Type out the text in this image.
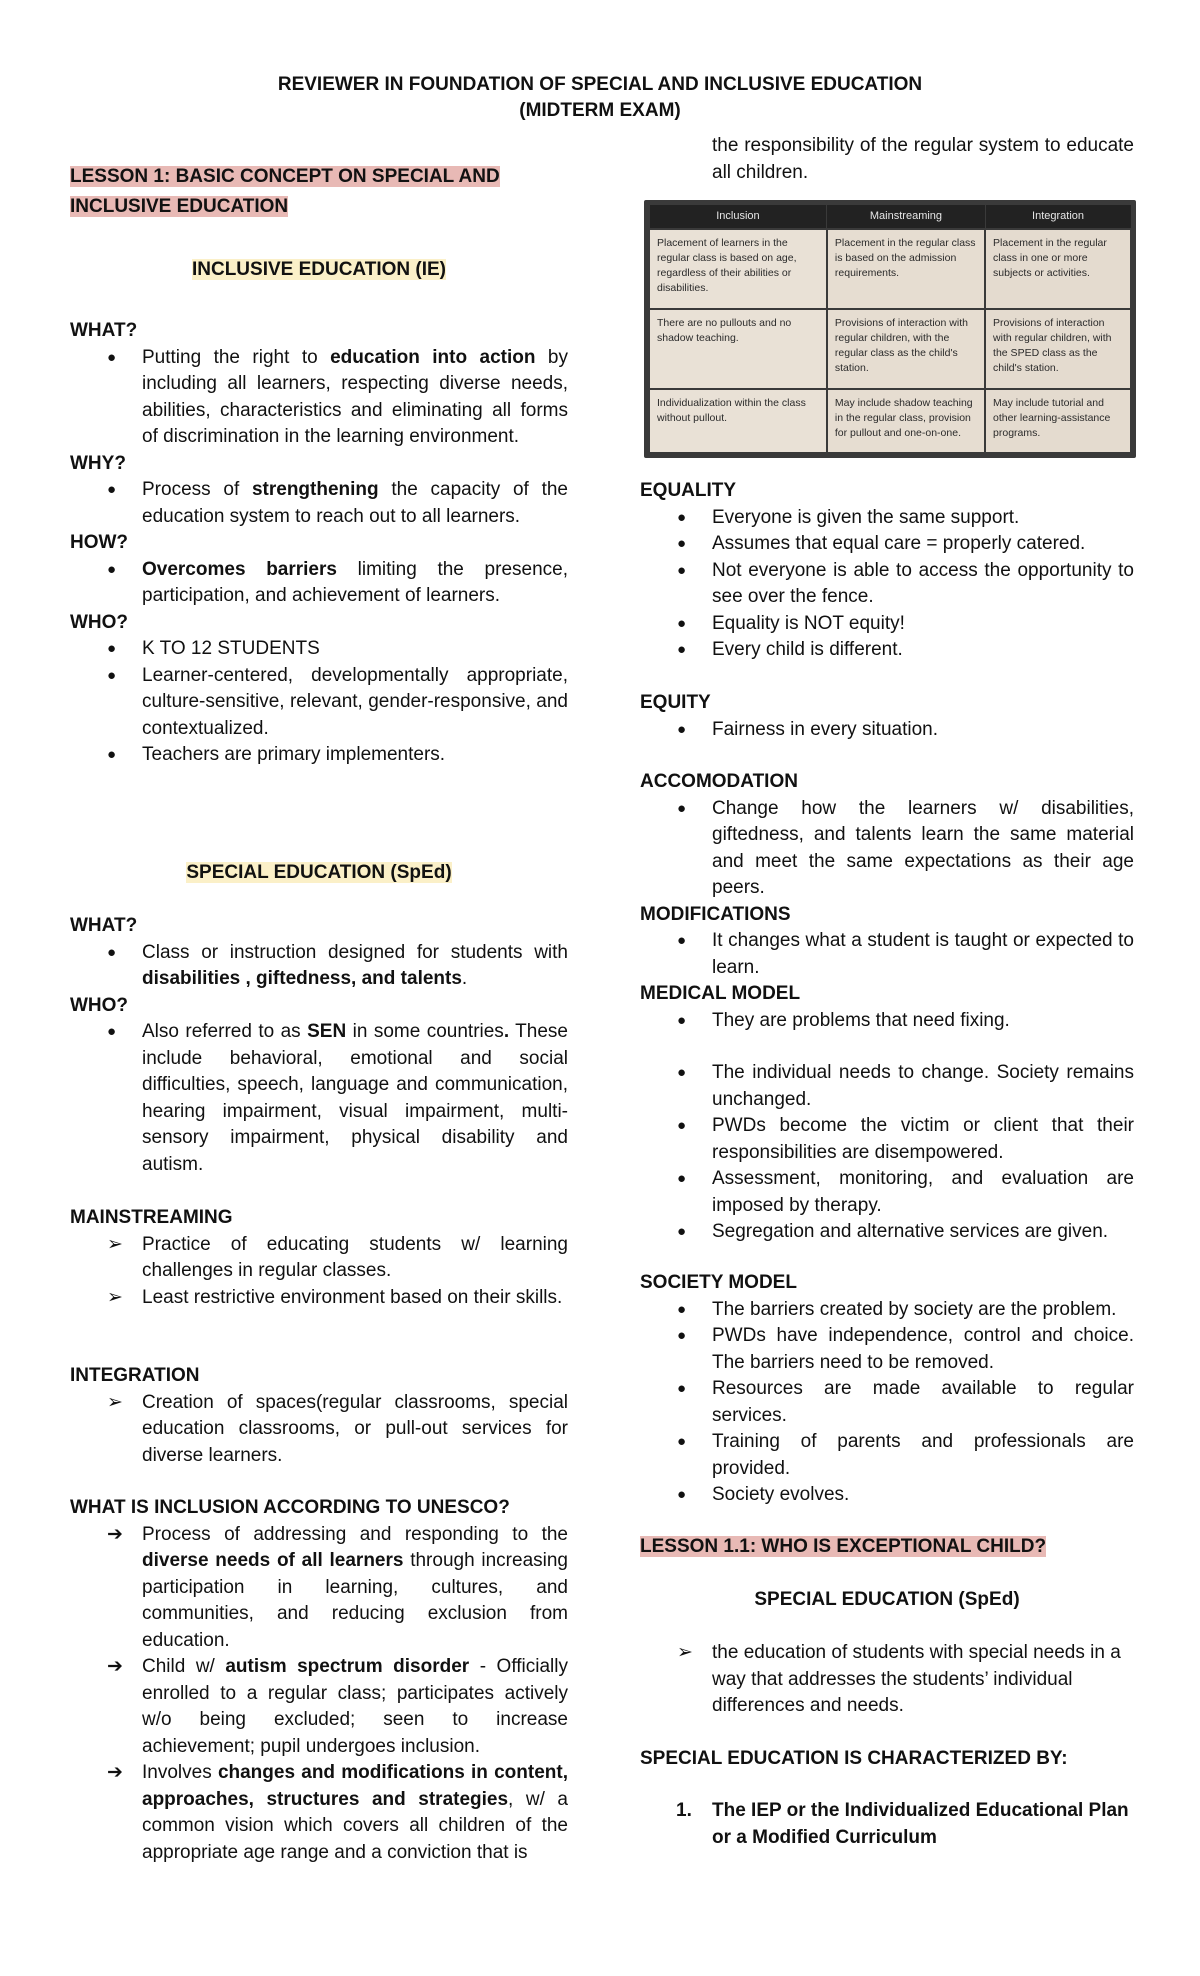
REVIEWER IN FOUNDATION OF SPECIAL AND INCLUSIVE EDUCATION
(MIDTERM EXAM)
LESSON 1: BASIC CONCEPT ON SPECIAL AND INCLUSIVE EDUCATION
INCLUSIVE EDUCATION (IE)
WHAT?
●	Putting the right to education into action by including all learners, respecting diverse needs, abilities, characteristics and eliminating all forms of discrimination in the learning environment.
WHY?
●	Process of strengthening the capacity of the education system to reach out to all learners.
HOW?
●	Overcomes barriers limiting the presence, participation, and achievement of learners.
WHO?
●	K TO 12 STUDENTS
●	Learner-centered, developmentally appropriate, culture-sensitive, relevant, gender-responsive, and contextualized.
●	Teachers are primary implementers.
SPECIAL EDUCATION (SpEd)
WHAT?
●	Class or instruction designed for students with disabilities , giftedness, and talents.
WHO?
●	Also referred to as SEN in some countries. These include behavioral, emotional and social difficulties, speech, language and communication, hearing impairment, visual impairment, multi-sensory impairment, physical disability and autism.
MAINSTREAMING
➢	Practice of educating students w/ learning challenges in regular classes.
➢	Least restrictive environment based on their skills.
INTEGRATION
➢	Creation of spaces(regular classrooms, special education classrooms, or pull-out services for diverse learners.
WHAT IS INCLUSION ACCORDING TO UNESCO?
➔	Process of addressing and responding to the diverse needs of all learners through increasing participation in learning, cultures, and communities, and reducing exclusion from education.
➔	Child w/ autism spectrum disorder - Officially enrolled to a regular class; participates actively w/o being excluded; seen to increase achievement; pupil undergoes inclusion.
➔	Involves changes and modifications in content, approaches, structures and strategies, w/ a common vision which covers all children of the appropriate age range and a conviction that is
the responsibility of the regular system to educate all children.
Inclusion	Mainstreaming	Integration
Placement of learners in the regular class is based on age, regardless of their abilities or disabilities.	Placement in the regular class is based on the admission requirements.	Placement in the regular class in one or more subjects or activities.
There are no pullouts and no shadow teaching.	Provisions of interaction with regular children, with the regular class as the child's station.	Provisions of interaction with regular children, with the SPED class as the child's station.
Individualization within the class without pullout.	May include shadow teaching in the regular class, provision for pullout and one-on-one.	May include tutorial and other learning-assistance programs.
EQUALITY
●	Everyone is given the same support.
●	Assumes that equal care = properly catered.
●	Not everyone is able to access the opportunity to see over the fence.
●	Equality is NOT equity!
●	Every child is different.
EQUITY
●	Fairness in every situation.
ACCOMODATION
●	Change how the learners w/ disabilities, giftedness, and talents learn the same material and meet the same expectations as their age peers.
MODIFICATIONS
●	It changes what a student is taught or expected to learn.
MEDICAL MODEL
●	They are problems that need fixing.
●	The individual needs to change. Society remains unchanged.
●	PWDs become the victim or client that their responsibilities are disempowered.
●	Assessment, monitoring, and evaluation are imposed by therapy.
●	Segregation and alternative services are given.
SOCIETY MODEL
●	The barriers created by society are the problem.
●	PWDs have independence, control and choice. The barriers need to be removed.
●	Resources are made available to regular services.
●	Training of parents and professionals are provided.
●	Society evolves.
LESSON 1.1: WHO IS EXCEPTIONAL CHILD?
SPECIAL EDUCATION (SpEd)
➢	the education of students with special needs in a way that addresses the students’ individual differences and needs.
SPECIAL EDUCATION IS CHARACTERIZED BY:
1. The IEP or the Individualized Educational Plan or a Modified Curriculum
